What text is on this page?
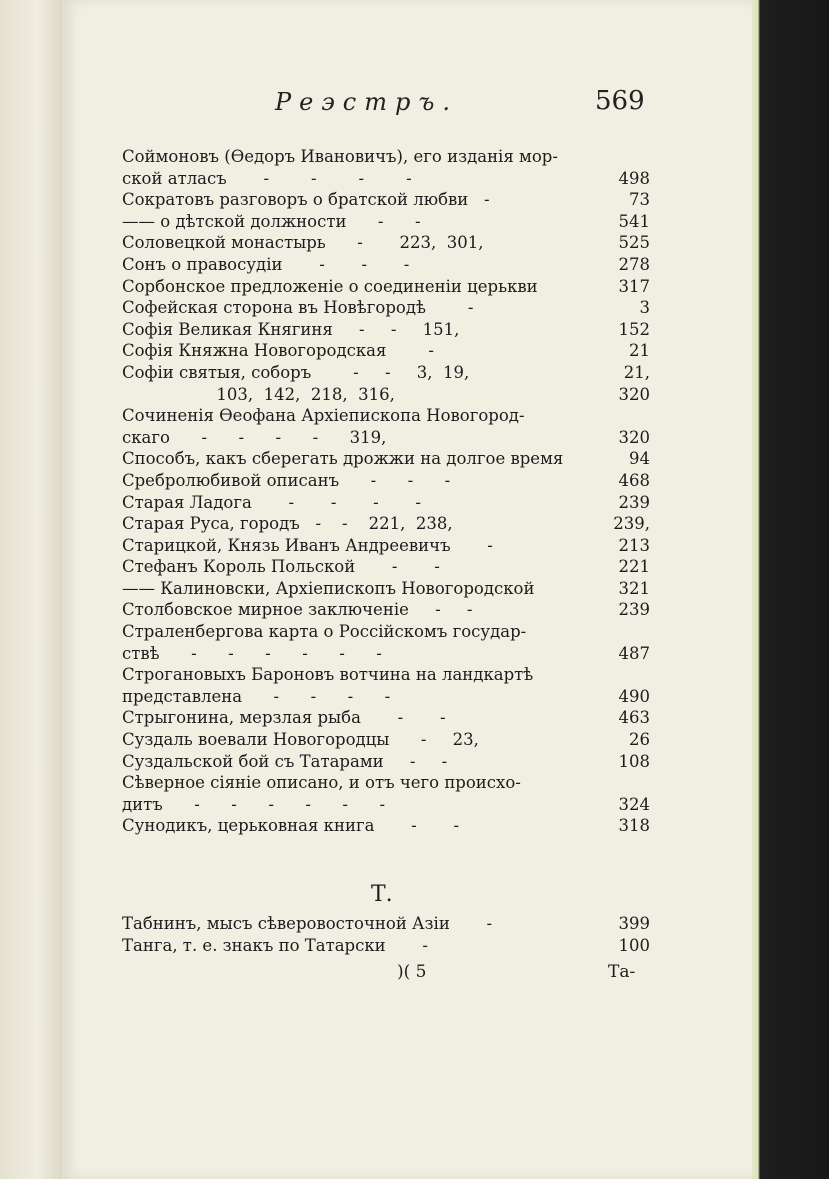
Реэстръ.	569
Соймоновъ (Ѳедоръ Ивановичъ), его изданія мор-
ской атласъ       -        -        -        -	498
Сократовъ разговоръ о братской любви   -	73
—— о дѣтской должности      -      -	541
Соловецкой монастырь      -       223,  301,	525
Сонъ о правосудіи       -       -       -	278
Сорбонское предложеніе о соединеніи церькви	317
Софейская сторона въ Новѣгородѣ        -	3
Софія Великая Княгиня     -     -     151,	152
Софія Княжна Новогородская        -	21
Софіи святыя, соборъ        -     -     3,  19,	21,
103,  142,  218,  316,	320
Сочиненія Ѳеофана Архіепископа Новогород-
скаго      -      -      -      -      319,	320
Способъ, какъ сберегать дрожжи на долгое время	94
Сребролюбивой описанъ      -      -      -	468
Старая Ладога       -       -       -       -	239
Старая Руса, городъ   -    -    221,  238,	239,
Старицкой, Князь Иванъ Андреевичъ       -	213
Стефанъ Король Польской       -       -	221
—— Калиновски, Архіепископъ Новогородской	321
Столбовское мирное заключеніе     -     -	239
Страленбергова карта о Россійскомъ государ-
ствѣ      -      -      -      -      -      -	487
Строгановыхъ Бароновъ вотчина на ландкартѣ
представлена      -      -      -      -	490
Стрыгонина, мерзлая рыба       -       -	463
Суздаль воевали Новогородцы      -     23,	26
Суздальской бой съ Татарами     -     -	108
Сѣверное сіяніе описано, и отъ чего происхо-
дитъ      -      -      -      -      -      -	324
Сунодикъ, церьковная книга       -       -	318
Т.
Табнинъ, мысъ сѣверовосточной Азіи       -	399
Танга, т. е. знакъ по Татарски       -	100
)( 5	Та-
